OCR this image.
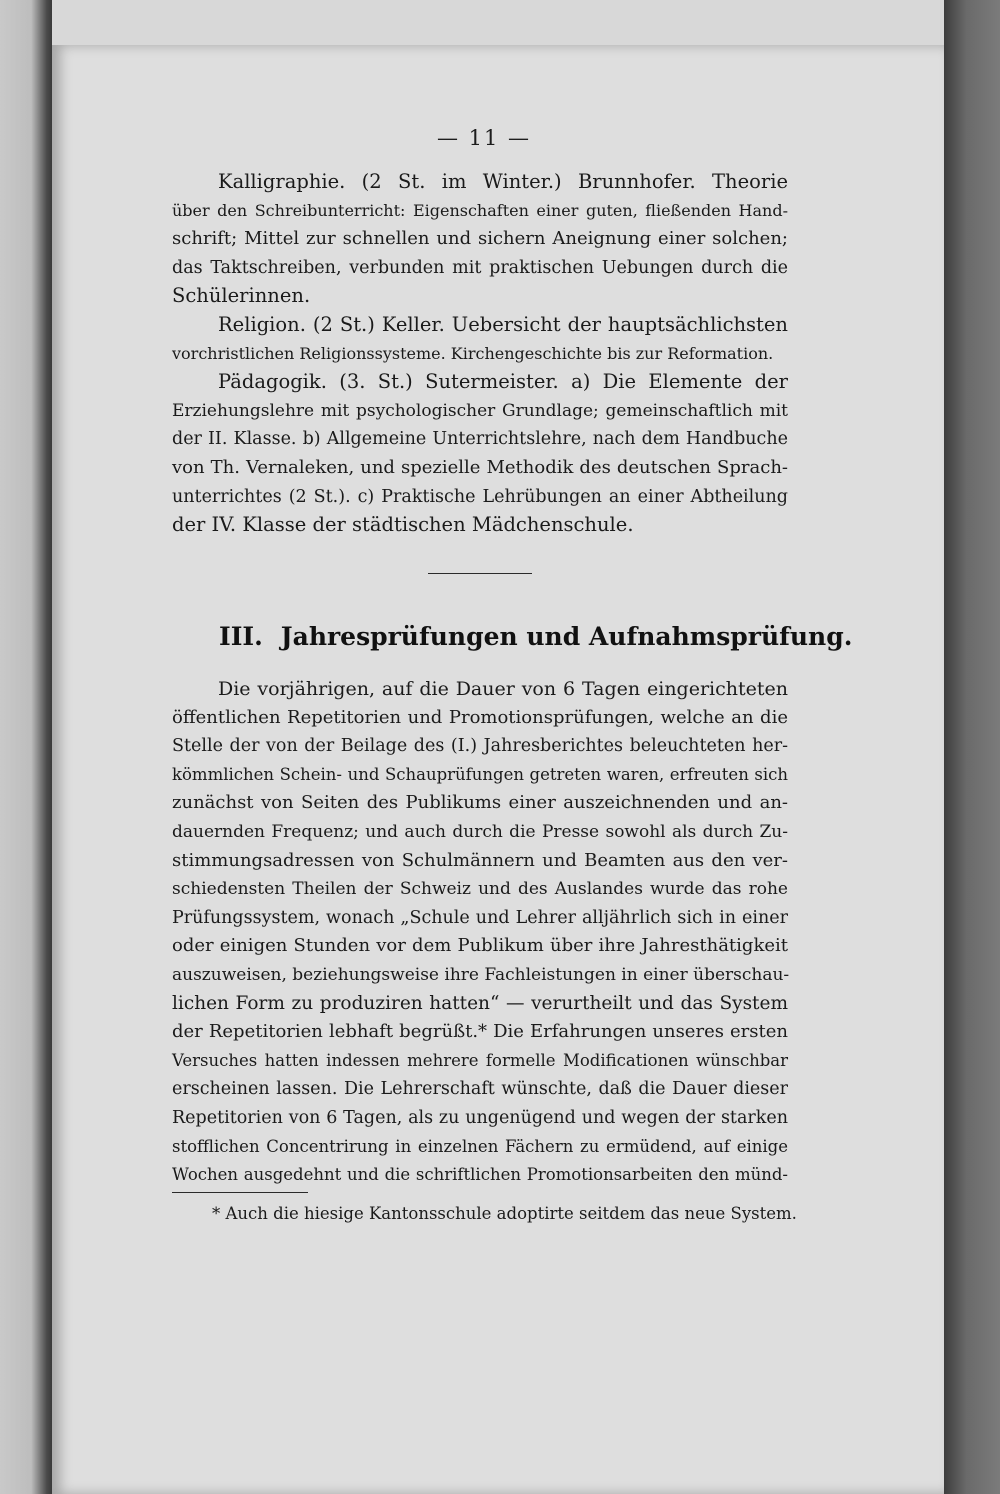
— 11 —

Kalligraphie. (2 St. im Winter.) Brunnhofer. Theorie
über den Schreibunterricht: Eigenschaften einer guten, fließenden Hand-
schrift; Mittel zur schnellen und sichern Aneignung einer solchen;
das Taktschreiben, verbunden mit praktischen Uebungen durch die
Schülerinnen.

Religion. (2 St.) Keller. Uebersicht der hauptsächlichsten
vorchristlichen Religionssysteme. Kirchengeschichte bis zur Reformation.

Pädagogik. (3. St.) Sutermeister. a) Die Elemente der
Erziehungslehre mit psychologischer Grundlage; gemeinschaftlich mit
der II. Klasse. b) Allgemeine Unterrichtslehre, nach dem Handbuche
von Th. Vernaleken, und spezielle Methodik des deutschen Sprach-
unterrichtes (2 St.). c) Praktische Lehrübungen an einer Abtheilung
der IV. Klasse der städtischen Mädchenschule.

III. Jahresprüfungen und Aufnahmsprüfung.

Die vorjährigen, auf die Dauer von 6 Tagen eingerichteten
öffentlichen Repetitorien und Promotionsprüfungen, welche an die
Stelle der von der Beilage des (I.) Jahresberichtes beleuchteten her-
kömmlichen Schein- und Schauprüfungen getreten waren, erfreuten sich
zunächst von Seiten des Publikums einer auszeichnenden und an-
dauernden Frequenz; und auch durch die Presse sowohl als durch Zu-
stimmungsadressen von Schulmännern und Beamten aus den ver-
schiedensten Theilen der Schweiz und des Auslandes wurde das rohe
Prüfungssystem, wonach „Schule und Lehrer alljährlich sich in einer
oder einigen Stunden vor dem Publikum über ihre Jahresthätigkeit
auszuweisen, beziehungsweise ihre Fachleistungen in einer überschau-
lichen Form zu produziren hatten“ — verurtheilt und das System
der Repetitorien lebhaft begrüßt.* Die Erfahrungen unseres ersten
Versuches hatten indessen mehrere formelle Modificationen wünschbar
erscheinen lassen. Die Lehrerschaft wünschte, daß die Dauer dieser
Repetitorien von 6 Tagen, als zu ungenügend und wegen der starken
stofflichen Concentrirung in einzelnen Fächern zu ermüdend, auf einige
Wochen ausgedehnt und die schriftlichen Promotionsarbeiten den münd-

* Auch die hiesige Kantonsschule adoptirte seitdem das neue System.
